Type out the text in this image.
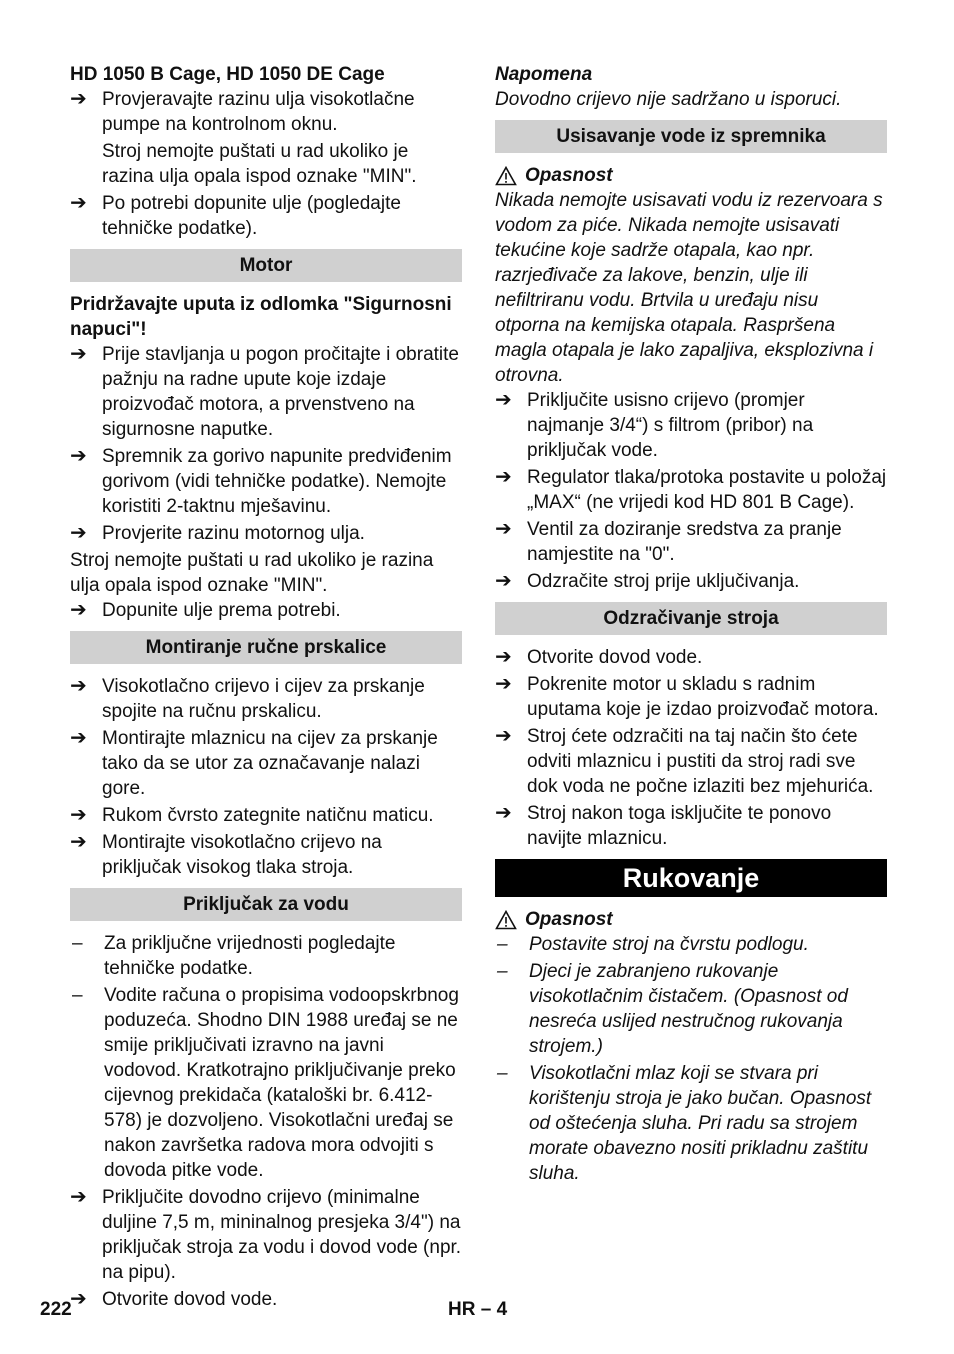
HD 1050 B Cage, HD 1050 DE Cage

➔ Provjeravajte razinu ulja visokotlačne pumpe na kontrolnom oknu.
Stroj nemojte puštati u rad ukoliko je razina ulja opala ispod oznake "MIN".
➔ Po potrebi dopunite ulje (pogledajte tehničke podatke).
Motor

Pridržavajte uputa iz odlomka "Sigurnosni napuci"!

➔ Prije stavljanja u pogon pročitajte i obratite pažnju na radne upute koje izdaje proizvođač motora, a prvenstveno na sigurnosne naputke.
➔ Spremnik za gorivo napunite predviđenim gorivom (vidi tehničke podatke). Nemojte koristiti 2-taktnu mješavinu.
➔ Provjerite razinu motornog ulja.

Stroj nemojte puštati u rad ukoliko je razina ulja opala ispod oznake "MIN".

➔ Dopunite ulje prema potrebi.
Montiranje ručne prskalice
➔ Visokotlačno crijevo i cijev za prskanje spojite na ručnu prskalicu.
➔ Montirajte mlaznicu na cijev za prskanje tako da se utor za označavanje nalazi gore.
➔ Rukom čvrsto zategnite natičnu maticu.
➔ Montirajte visokotlačno crijevo na priključak visokog tlaka stroja.
Priključak za vodu
–	Za priključne vrijednosti pogledajte tehničke podatke.
–	Vodite računa o propisima vodoopskrbnog poduzeća. Shodno DIN 1988 uređaj se ne smije priključivati izravno na javni vodovod. Kratkotrajno priključivanje preko cijevnog prekidača (kataloški br. 6.412-578) je dozvoljeno. Visokotlačni uređaj se nakon završetka radova mora odvojiti s dovoda pitke vode.
➔ Priključite dovodno crijevo (minimalne duljine 7,5 m, mininalnog presjeka 3/4") na priključak stroja za vodu i dovod vode (npr. na pipu).
➔ Otvorite dovod vode.

Napomena

Dovodno crijevo nije sadržano u isporuci.

Usisavanje vode iz spremnika
Opasnost

Nikada nemojte usisavati vodu iz rezervoara s vodom za piće. Nikada nemojte usisavati tekućine koje sadrže otapala, kao npr. razrjeđivače za lakove, benzin, ulje ili nefiltriranu vodu. Brtvila u uređaju nisu otporna na kemijska otapala. Raspršena magla otapala je lako zapaljiva, eksplozivna i otrovna.

➔ Priključite usisno crijevo (promjer najmanje 3/4“) s filtrom (pribor) na priključak vode.
➔ Regulator tlaka/protoka postavite u položaj „MAX“ (ne vrijedi kod HD 801 B Cage).
➔ Ventil za doziranje sredstva za pranje namjestite na "0".
➔ Odzračite stroj prije uključivanja.
Odzračivanje stroja
➔ Otvorite dovod vode.
➔ Pokrenite motor u skladu s radnim uputama koje je izdao proizvođač motora.
➔ Stroj ćete odzračiti na taj način što ćete odviti mlaznicu i pustiti da stroj radi sve dok voda ne počne izlaziti bez mjehurića.
➔ Stroj nakon toga isključite te ponovo navijte mlaznicu.
Rukovanje
Opasnost
–	Postavite stroj na čvrstu podlogu.
–	Djeci je zabranjeno rukovanje visokotlačnim čistačem. (Opasnost od nesreća uslijed nestručnog rukovanja strojem.)
–	Visokotlačni mlaz koji se stvara pri korištenju stroja je jako bučan. Opasnost od oštećenja sluha. Pri radu sa strojem morate obavezno nositi prikladnu zaštitu sluha.
222	HR – 4
